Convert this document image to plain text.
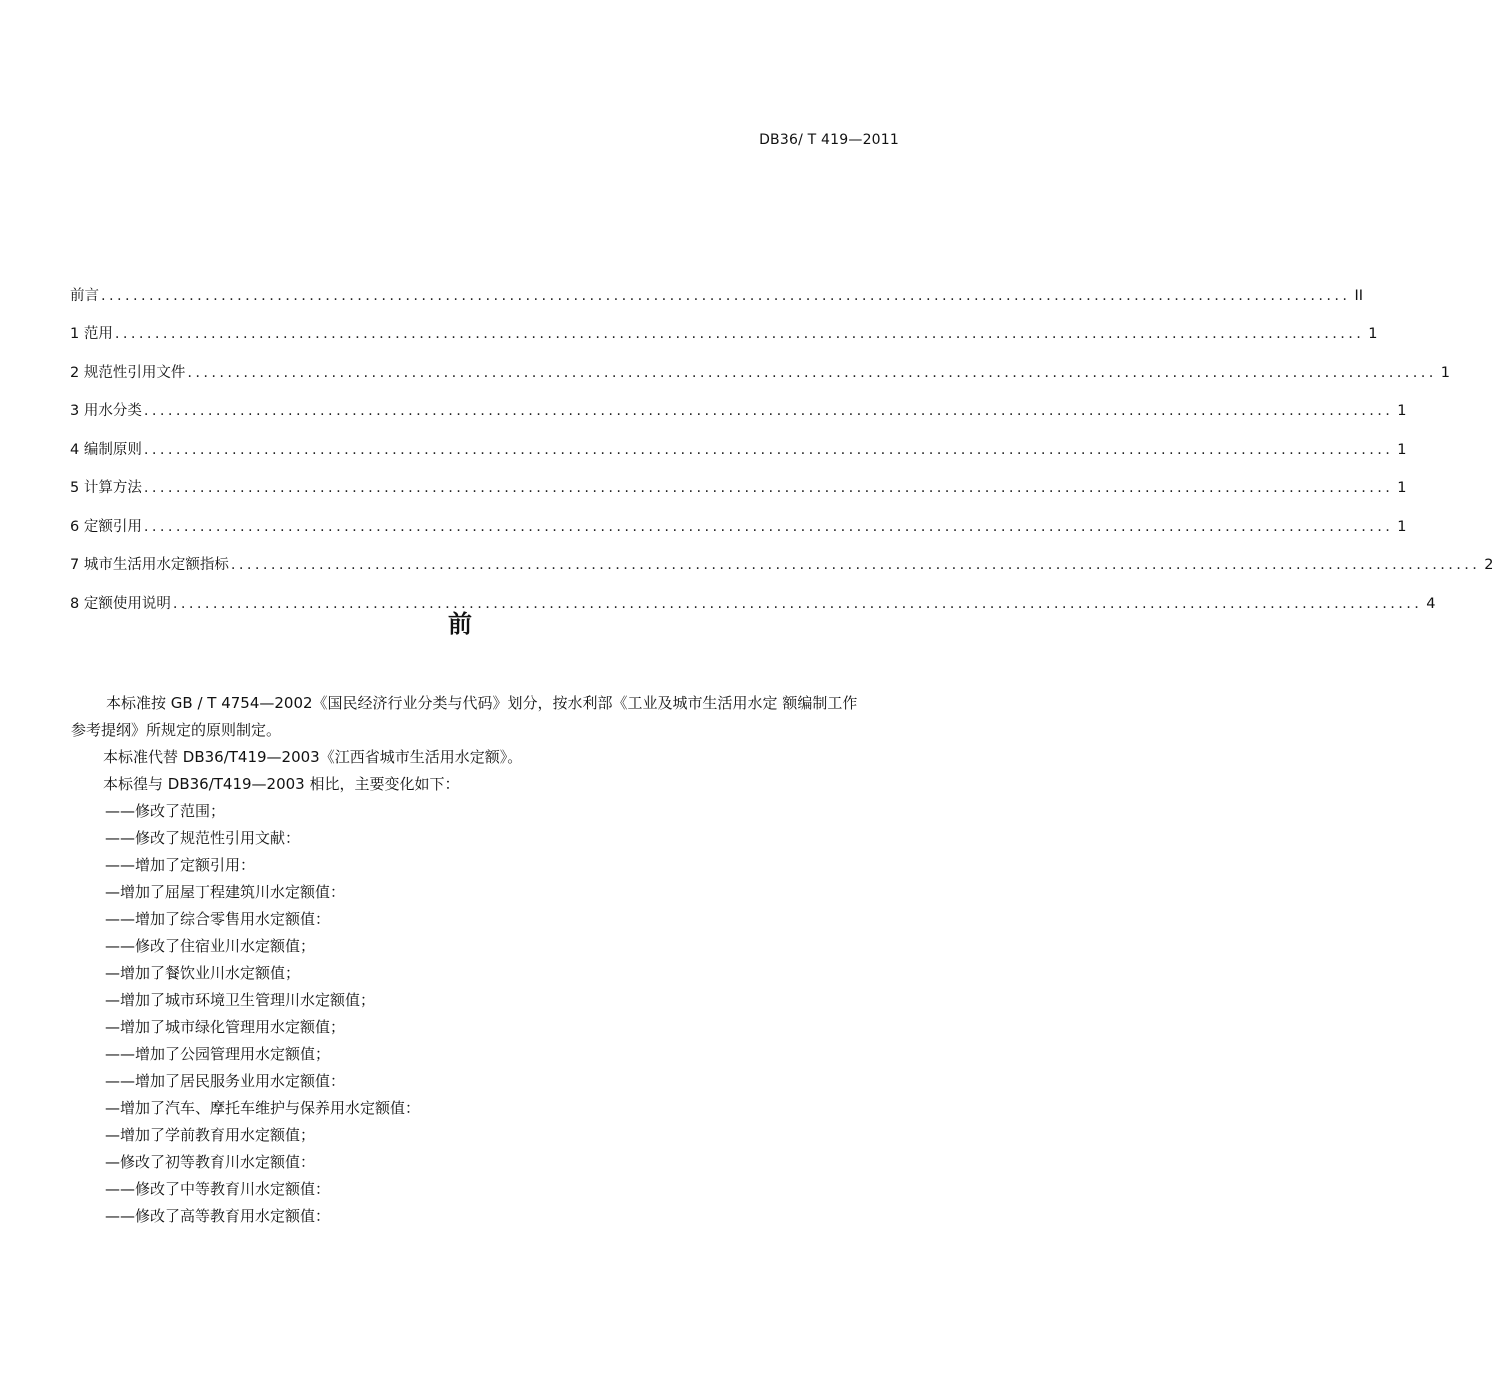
DB36/ T 419—2011
前言 ............................................................................................................................................................ II
1 范用 ............................................................................................................................................................ 1
2 规范性引用文件 ............................................................................................................................................................ 1
3 用水分类 ............................................................................................................................................................ 1
4 编制原则 ............................................................................................................................................................ 1
5 计算方法 ............................................................................................................................................................ 1
6 定额引用 ............................................................................................................................................................ 1
7 城市生活用水定额指标 ............................................................................................................................................................ 2
8 定额使用说明 ............................................................................................................................................................ 4
前

本标准按 GB / T 4754—2002《国民经济行业分类与代码》划分，按水利部《工业及城市生活用水定 额编制工作参考提纲》所规定的原则制定。

本标准代替 DB36/T419—2003《江西省城市生活用水定额》。

本标徨与 DB36/T419—2003 相比，主要变化如下：

——修改了范围；
——修改了规范性引用文献：
——增加了定额引用：
—增加了屈屋丁程建筑川水定额值：
——增加了综合零售用水定额值：
——修改了住宿业川水定额值；
—增加了餐饮业川水定额值；
—增加了城市环境卫生管理川水定额值；
—增加了城市绿化管理用水定额值；
——增加了公园管理用水定额值；
——增加了居民服务业用水定额值：
—增加了汽车、摩托车维护与保养用水定额值：
—增加了学前教育用水定额值；
—修改了初等教育川水定额值：
——修改了中等教育川水定额值：
——修改了高等教育用水定额值：
